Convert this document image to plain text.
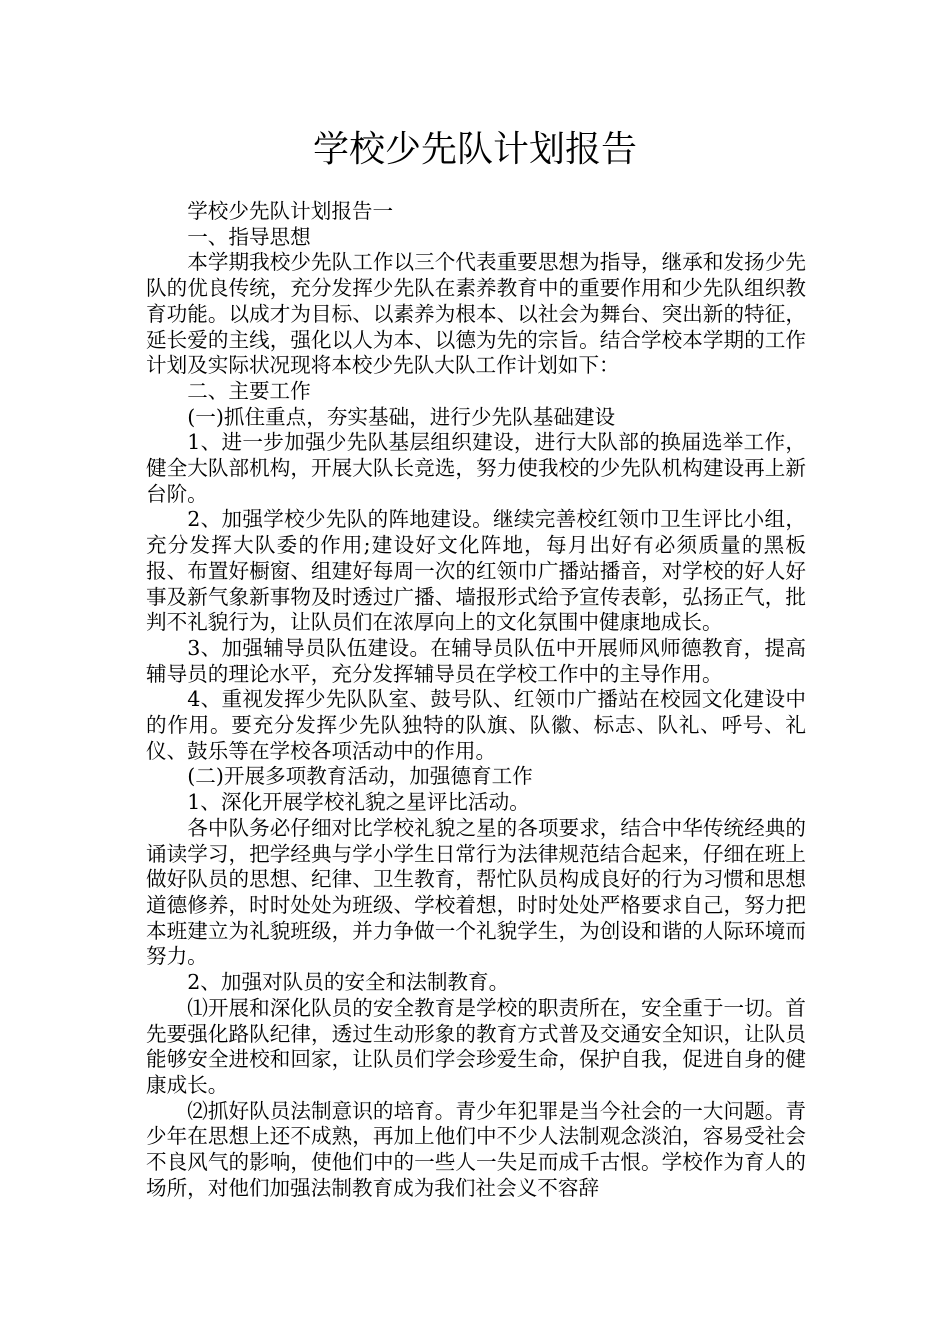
学校少先队计划报告

学校少先队计划报告一

一、指导思想

本学期我校少先队工作以三个代表重要思想为指导，继承和发扬少先队的优良传统，充分发挥少先队在素养教育中的重要作用和少先队组织教育功能。以成才为目标、以素养为根本、以社会为舞台、突出新的特征，延长爱的主线，强化以人为本、以德为先的宗旨。结合学校本学期的工作计划及实际状况现将本校少先队大队工作计划如下：

二、主要工作

(一)抓住重点，夯实基础，进行少先队基础建设

1、进一步加强少先队基层组织建设，进行大队部的换届选举工作，健全大队部机构，开展大队长竞选，努力使我校的少先队机构建设再上新台阶。

2、加强学校少先队的阵地建设。继续完善校红领巾卫生评比小组，充分发挥大队委的作用;建设好文化阵地，每月出好有必须质量的黑板报、布置好橱窗、组建好每周一次的红领巾广播站播音，对学校的好人好事及新气象新事物及时透过广播、墙报形式给予宣传表彰，弘扬正气，批判不礼貌行为，让队员们在浓厚向上的文化氛围中健康地成长。

3、加强辅导员队伍建设。在辅导员队伍中开展师风师德教育，提高辅导员的理论水平，充分发挥辅导员在学校工作中的主导作用。

4、重视发挥少先队队室、鼓号队、红领巾广播站在校园文化建设中的作用。要充分发挥少先队独特的队旗、队徽、标志、队礼、呼号、礼仪、鼓乐等在学校各项活动中的作用。

(二)开展多项教育活动，加强德育工作

1、深化开展学校礼貌之星评比活动。

各中队务必仔细对比学校礼貌之星的各项要求，结合中华传统经典的诵读学习，把学经典与学小学生日常行为法律规范结合起来，仔细在班上做好队员的思想、纪律、卫生教育，帮忙队员构成良好的行为习惯和思想道德修养，时时处处为班级、学校着想，时时处处严格要求自己，努力把本班建立为礼貌班级，并力争做一个礼貌学生，为创设和谐的人际环境而努力。

2、加强对队员的安全和法制教育。

⑴开展和深化队员的安全教育是学校的职责所在，安全重于一切。首先要强化路队纪律，透过生动形象的教育方式普及交通安全知识，让队员能够安全进校和回家，让队员们学会珍爱生命，保护自我，促进自身的健康成长。

⑵抓好队员法制意识的培育。青少年犯罪是当今社会的一大问题。青少年在思想上还不成熟，再加上他们中不少人法制观念淡泊，容易受社会不良风气的影响，使他们中的一些人一失足而成千古恨。学校作为育人的场所，对他们加强法制教育成为我们社会义不容辞
